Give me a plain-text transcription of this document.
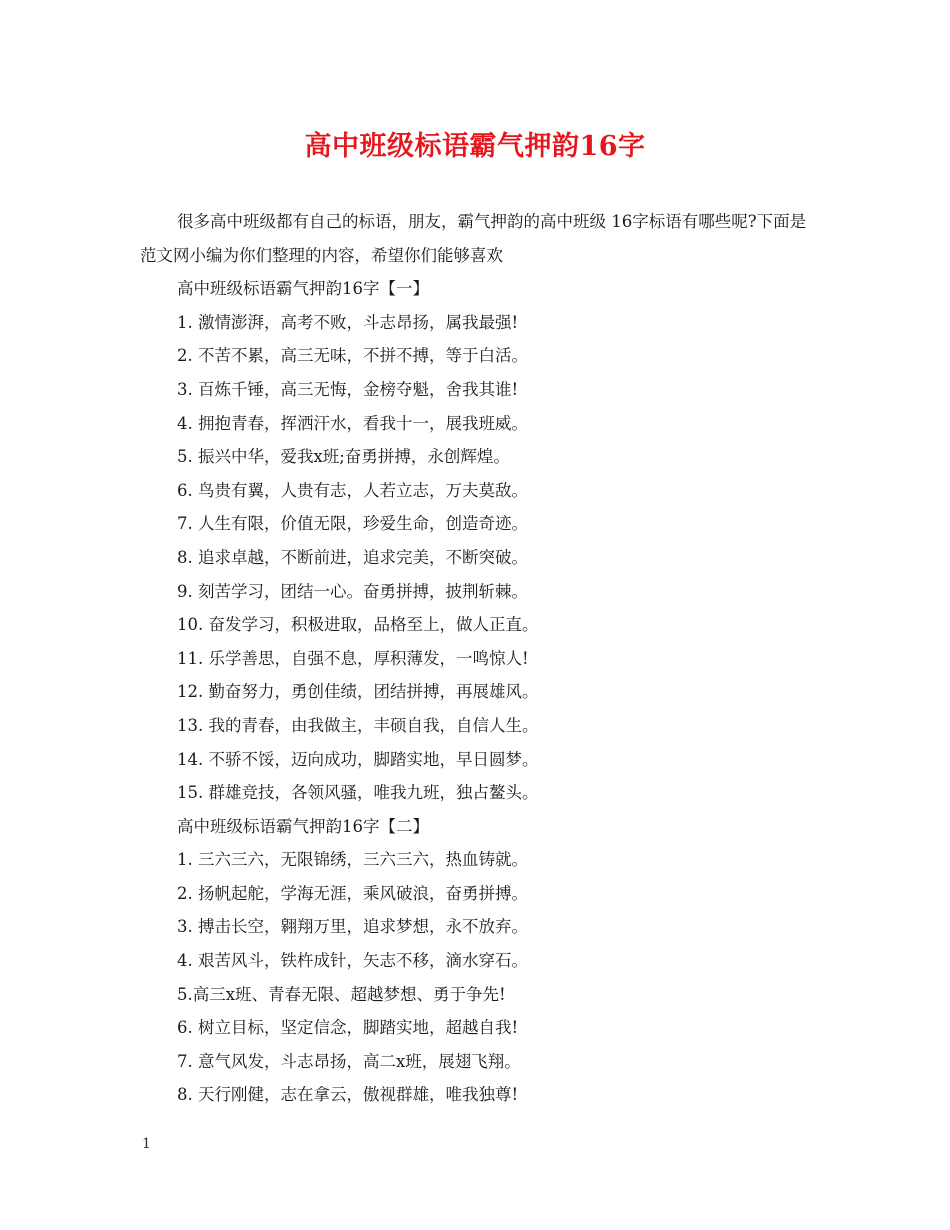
高中班级标语霸气押韵16字

很多高中班级都有自己的标语，朋友，霸气押韵的高中班级 16字标语有哪些呢?下面是范文网小编为你们整理的内容，希望你们能够喜欢

高中班级标语霸气押韵16字【一】

1. 激情澎湃，高考不败，斗志昂扬，属我最强!

2. 不苦不累，高三无味，不拼不搏，等于白活。

3. 百炼千锤，高三无悔，金榜夺魁，舍我其谁!

4. 拥抱青春，挥洒汗水，看我十一，展我班威。

5. 振兴中华，爱我x班;奋勇拼搏，永创辉煌。

6. 鸟贵有翼，人贵有志，人若立志，万夫莫敌。

7. 人生有限，价值无限，珍爱生命，创造奇迹。

8. 追求卓越，不断前进，追求完美，不断突破。

9. 刻苦学习，团结一心。奋勇拼搏，披荆斩棘。

10. 奋发学习，积极进取，品格至上，做人正直。

11. 乐学善思，自强不息，厚积薄发，一鸣惊人!

12. 勤奋努力，勇创佳绩，团结拼搏，再展雄风。

13. 我的青春，由我做主，丰硕自我，自信人生。

14. 不骄不馁，迈向成功，脚踏实地，早日圆梦。

15. 群雄竞技，各领风骚，唯我九班，独占鳌头。

高中班级标语霸气押韵16字【二】

1. 三六三六，无限锦绣，三六三六，热血铸就。

2. 扬帆起舵，学海无涯，乘风破浪，奋勇拼搏。

3. 搏击长空，翱翔万里，追求梦想，永不放弃。

4. 艰苦风斗，铁杵成针，矢志不移，滴水穿石。

5.高三x班、青春无限、超越梦想、勇于争先!

6. 树立目标，坚定信念，脚踏实地，超越自我!

7. 意气风发，斗志昂扬，高二x班，展翅飞翔。

8. 天行刚健，志在拿云，傲视群雄，唯我独尊!

1
